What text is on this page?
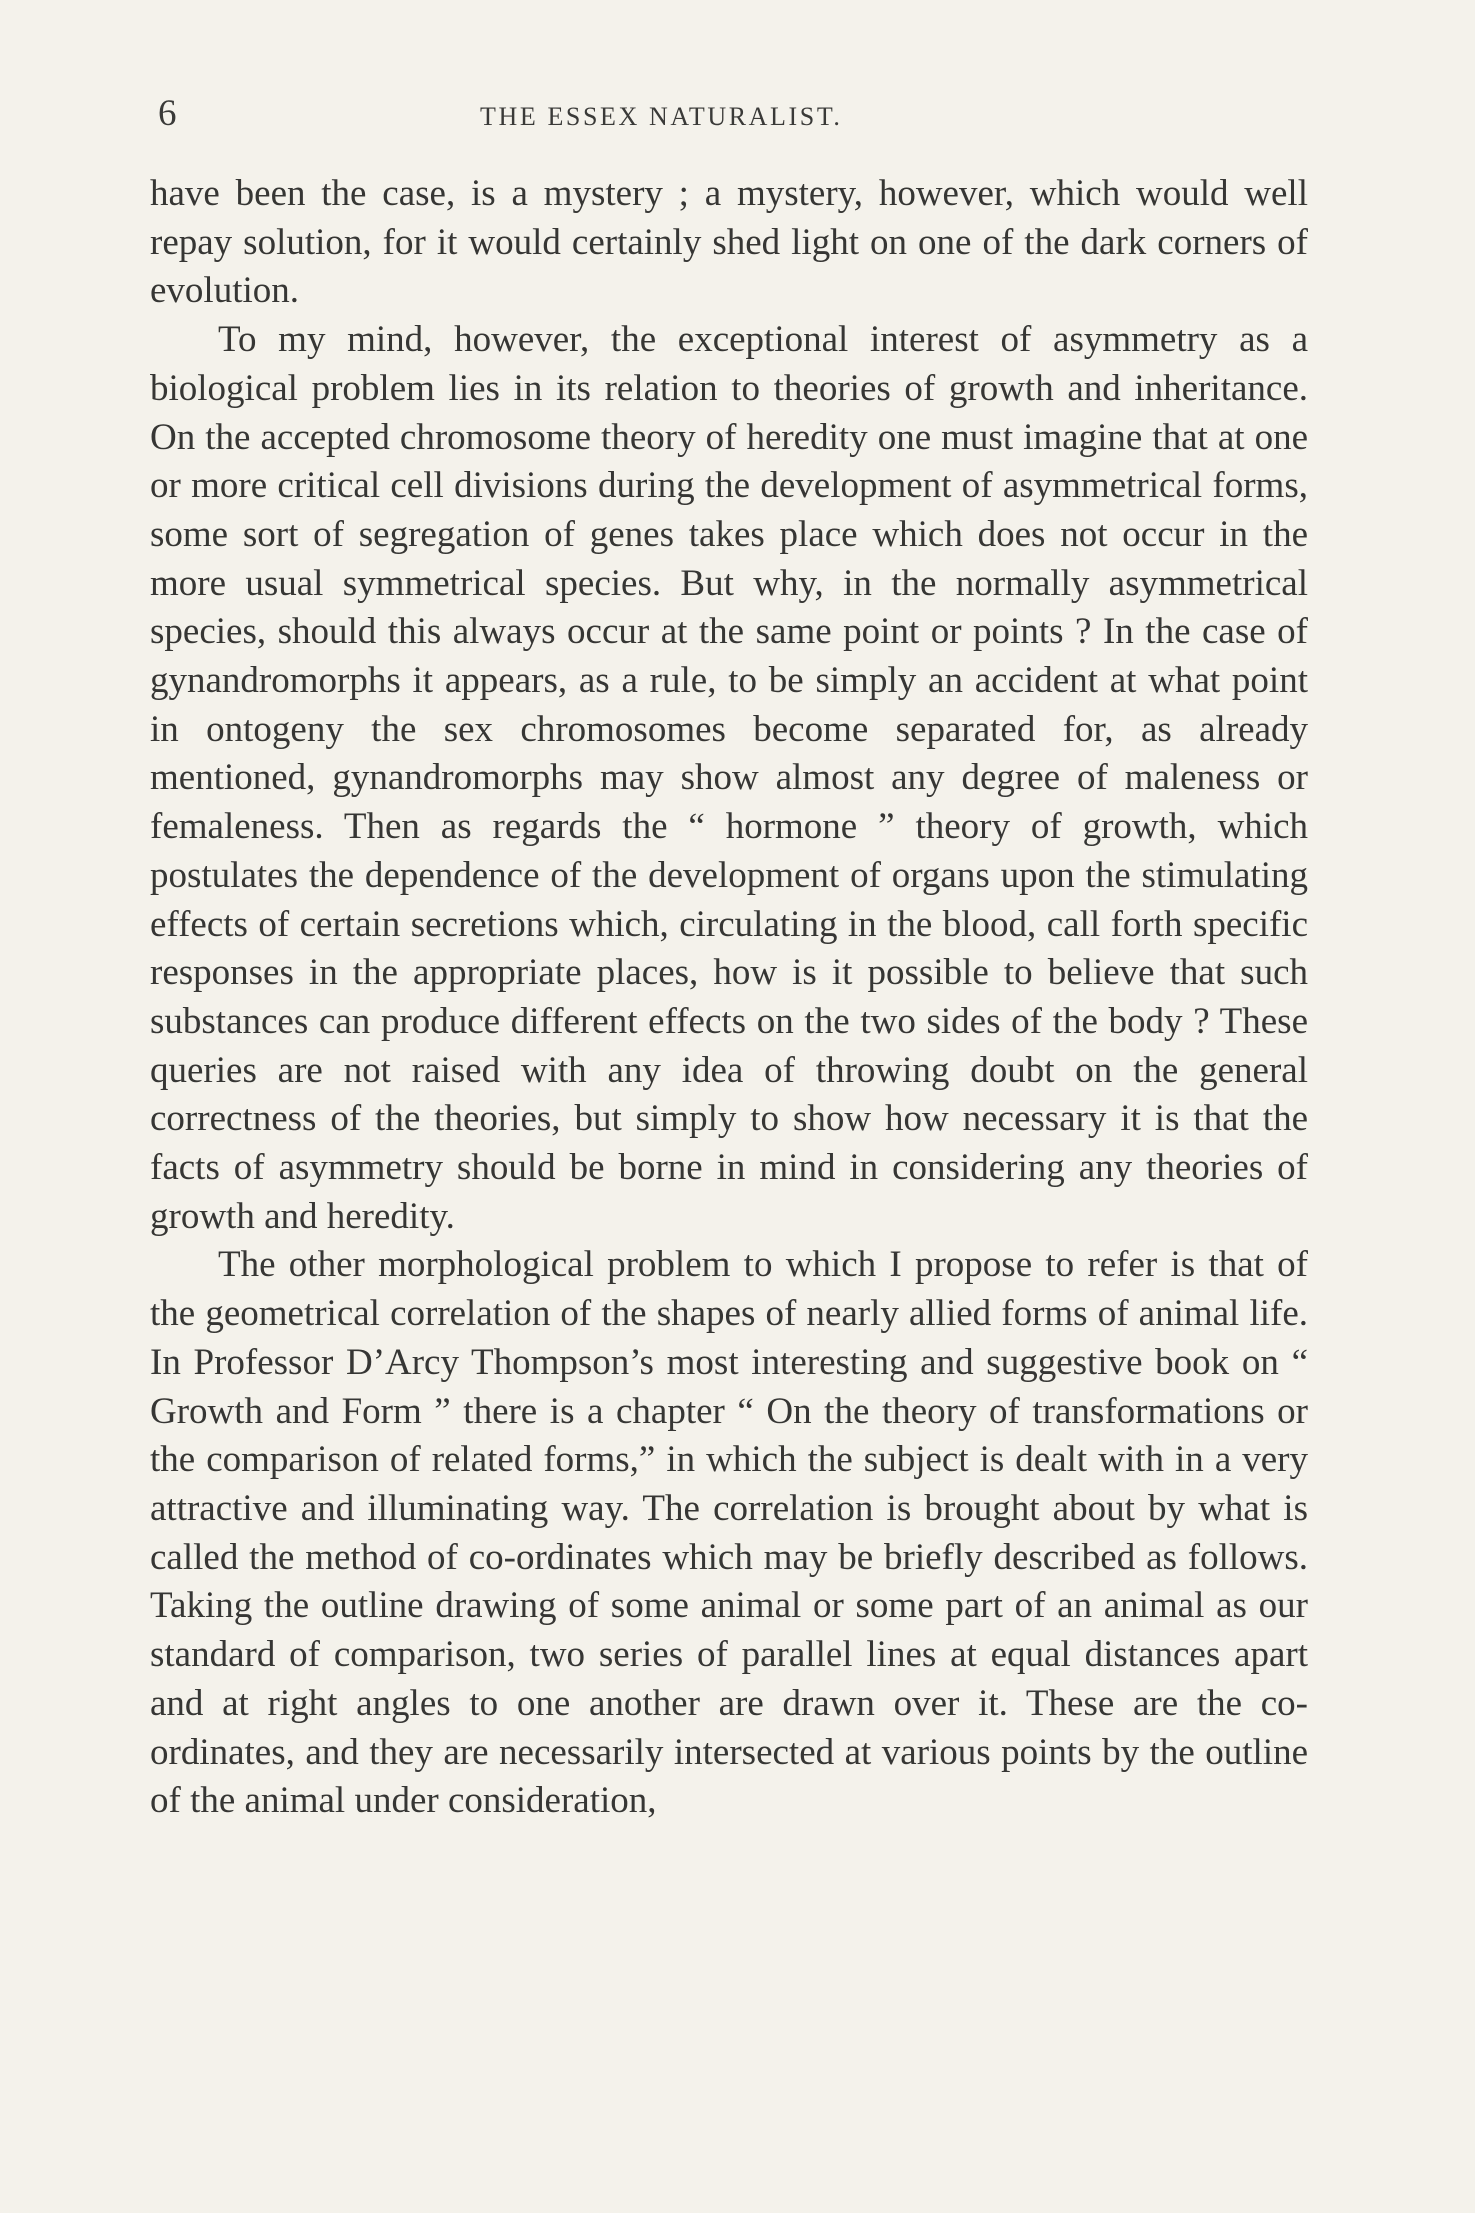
6	THE ESSEX NATURALIST.

have been the case, is a mystery ; a mystery, however, which would well repay solution, for it would certainly shed light on one of the dark corners of evolution.

To my mind, however, the exceptional interest of asymmetry as a biological problem lies in its relation to theories of growth and inheritance. On the accepted chromosome theory of heredity one must imagine that at one or more critical cell divisions during the development of asymmetrical forms, some sort of segregation of genes takes place which does not occur in the more usual symmetrical species. But why, in the normally asymmetrical species, should this always occur at the same point or points ? In the case of gynandromorphs it appears, as a rule, to be simply an accident at what point in ontogeny the sex chromosomes become separated for, as already mentioned, gynandromorphs may show almost any degree of maleness or femaleness. Then as regards the “ hormone ” theory of growth, which postulates the dependence of the development of organs upon the stimulating effects of certain secretions which, circulating in the blood, call forth specific responses in the appropriate places, how is it possible to believe that such substances can produce different effects on the two sides of the body ? These queries are not raised with any idea of throwing doubt on the general correctness of the theories, but simply to show how necessary it is that the facts of asymmetry should be borne in mind in considering any theories of growth and heredity.

The other morphological problem to which I propose to refer is that of the geometrical correlation of the shapes of nearly allied forms of animal life. In Professor D’Arcy Thompson’s most interesting and suggestive book on “ Growth and Form ” there is a chapter “ On the theory of transformations or the comparison of related forms,” in which the subject is dealt with in a very attractive and illuminating way. The correlation is brought about by what is called the method of co-ordinates which may be briefly described as follows. Taking the outline drawing of some animal or some part of an animal as our standard of comparison, two series of parallel lines at equal distances apart and at right angles to one another are drawn over it. These are the co-ordinates, and they are necessarily intersected at various points by the outline of the animal under consideration,
